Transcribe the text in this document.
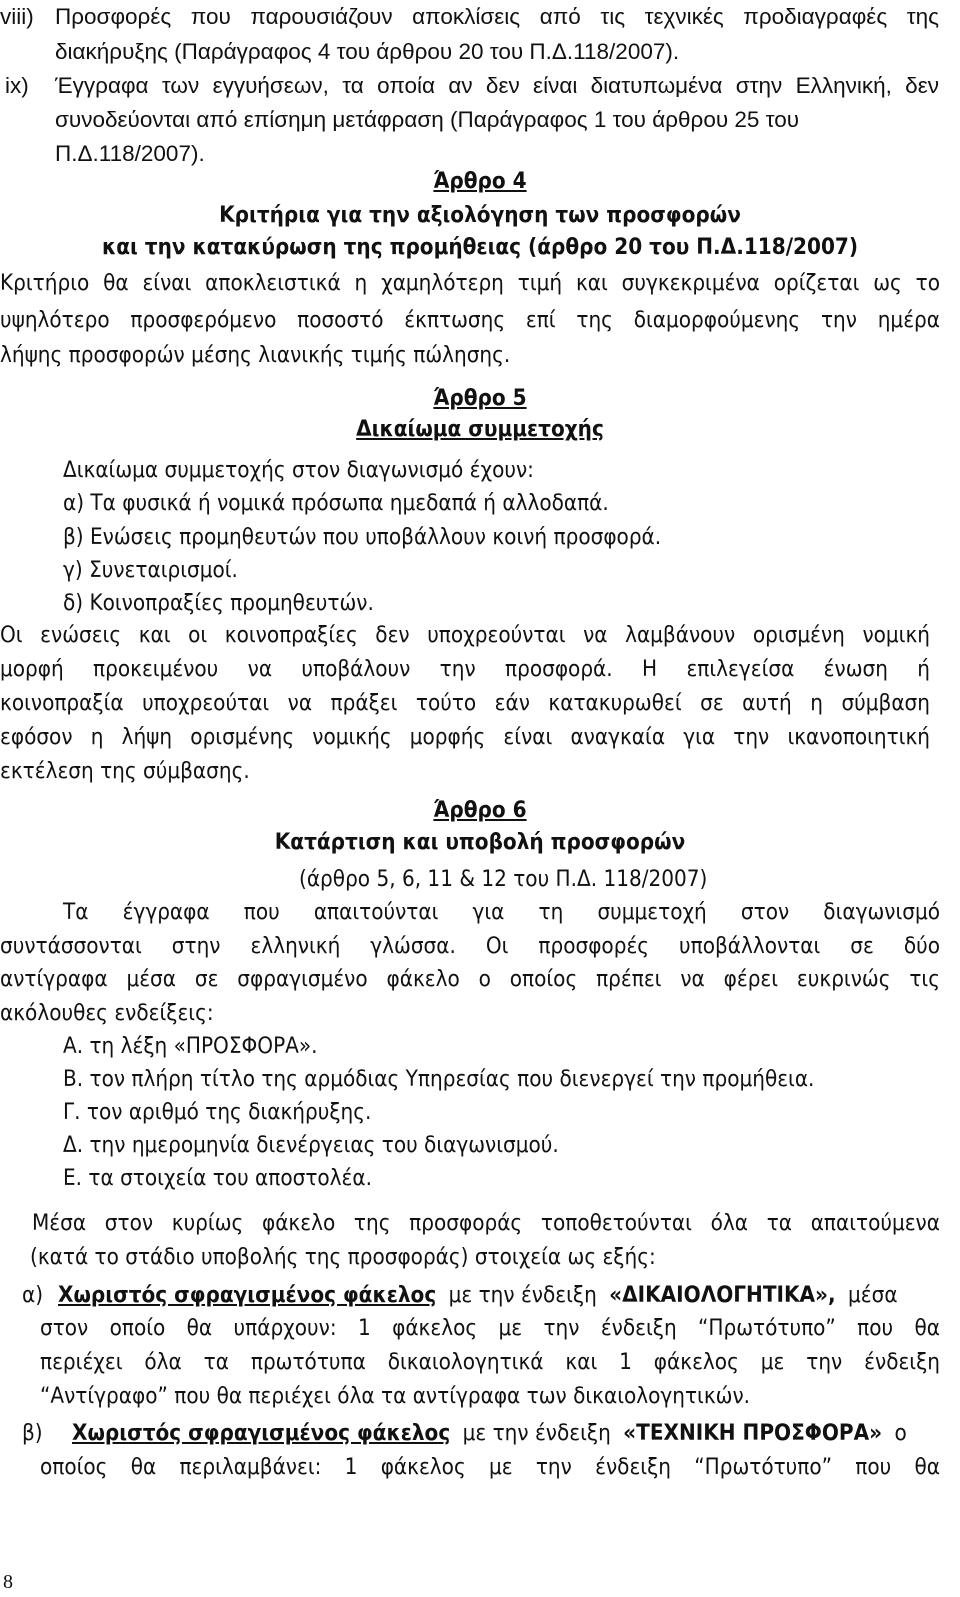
viii) Προσφορές που παρουσιάζουν αποκλίσεις από τις τεχνικές προδιαγραφές της
διακήρυξης (Παράγραφος 4 του άρθρου 20 του Π.Δ.118/2007).
ix) Έγγραφα των εγγυήσεων, τα οποία αν δεν είναι διατυπωμένα στην Ελληνική, δεν
συνοδεύονται από επίσημη μετάφραση (Παράγραφος 1 του άρθρου 25 του
Π.Δ.118/2007).
Άρθρο 4
Κριτήρια για την αξιολόγηση των προσφορών
και την κατακύρωση της προμήθειας (άρθρο 20 του Π.Δ.118/2007)
Κριτήριο θα είναι αποκλειστικά η χαμηλότερη τιμή και συγκεκριμένα ορίζεται ως το
υψηλότερο προσφερόμενο ποσοστό έκπτωσης επί της διαμορφούμενης την ημέρα
λήψης προσφορών μέσης λιανικής τιμής πώλησης.
Άρθρο 5
Δικαίωμα συμμετοχής
Δικαίωμα συμμετοχής στον διαγωνισμό έχουν:
α) Τα φυσικά ή νομικά πρόσωπα ημεδαπά ή αλλοδαπά.
β) Ενώσεις προμηθευτών που υποβάλλουν κοινή προσφορά.
γ) Συνεταιρισμοί.
δ) Κοινοπραξίες προμηθευτών.
Οι ενώσεις και οι κοινοπραξίες δεν υποχρεούνται να λαμβάνουν ορισμένη νομική
μορφή προκειμένου να υποβάλουν την προσφορά. Η επιλεγείσα ένωση ή
κοινοπραξία υποχρεούται να πράξει τούτο εάν κατακυρωθεί σε αυτή η σύμβαση
εφόσον η λήψη ορισμένης νομικής μορφής είναι αναγκαία για την ικανοποιητική
εκτέλεση της σύμβασης.
Άρθρο 6
Κατάρτιση και υποβολή προσφορών
(άρθρο 5, 6, 11 & 12 του Π.Δ. 118/2007)
Τα έγγραφα που απαιτούνται για τη συμμετοχή στον διαγωνισμό
συντάσσονται στην ελληνική γλώσσα. Οι προσφορές υποβάλλονται σε δύο
αντίγραφα μέσα σε σφραγισμένο φάκελο ο οποίος πρέπει να φέρει ευκρινώς τις
ακόλουθες ενδείξεις:
Α. τη λέξη «ΠΡΟΣΦΟΡΑ».
Β. τον πλήρη τίτλο της αρμόδιας Υπηρεσίας που διενεργεί την προμήθεια.
Γ. τον αριθμό της διακήρυξης.
Δ. την ημερομηνία διενέργειας του διαγωνισμού.
Ε. τα στοιχεία του αποστολέα.
Μέσα στον κυρίως φάκελο της προσφοράς τοποθετούνται όλα τα απαιτούμενα
(κατά το στάδιο υποβολής της προσφοράς) στοιχεία ως εξής:
α) Χωριστός σφραγισμένος φάκελος με την ένδειξη «ΔΙΚΑΙΟΛΟΓΗΤΙΚΑ», μέσα
στον οποίο θα υπάρχουν: 1 φάκελος με την ένδειξη “Πρωτότυπο” που θα
περιέχει όλα τα πρωτότυπα δικαιολογητικά και 1 φάκελος με την ένδειξη
“Αντίγραφο” που θα περιέχει όλα τα αντίγραφα των δικαιολογητικών.
β) Χωριστός σφραγισμένος φάκελος με την ένδειξη «ΤΕΧΝΙΚΗ ΠΡΟΣΦΟΡΑ» ο
οποίος θα περιλαμβάνει: 1 φάκελος με την ένδειξη “Πρωτότυπο” που θα
8
